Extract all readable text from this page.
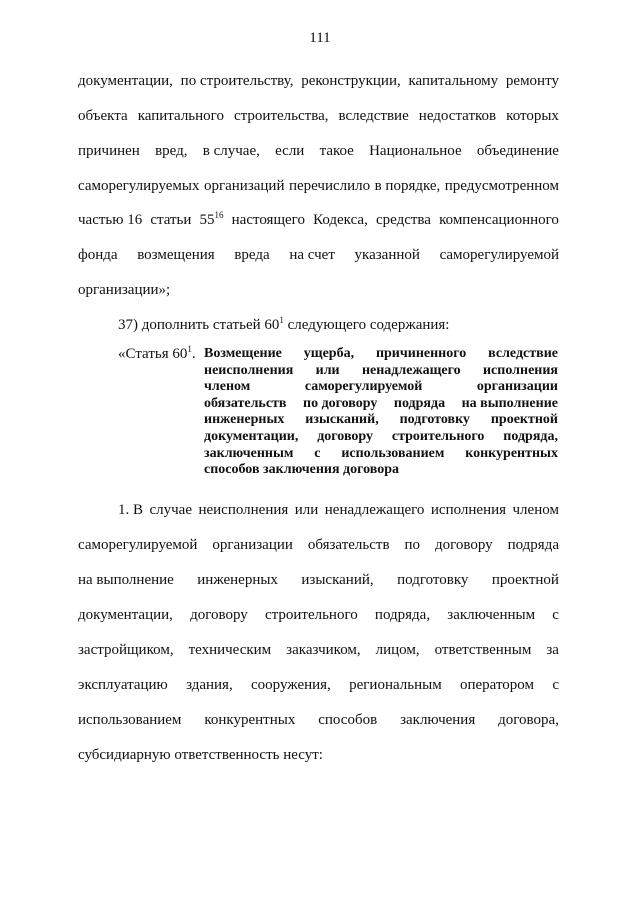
111
документации, по строительству, реконструкции, капитальному ремонту
объекта капитального строительства, вследствие недостатков которых
причинен вред, в случае, если такое Национальное объединение
саморегулируемых организаций перечислило в порядке, предусмотренном
частью 16 статьи $55^{16}$ настоящего Кодекса, средства компенсационного
фонда возмещения вреда на счет указанной саморегулируемой
организации»;
37) дополнить статьей $60^1$ следующего содержания:
«Статья $60^1$. Возмещение ущерба, причиненного вследствие
неисполнения или ненадлежащего исполнения
членом	саморегулируемой	организации
обязательств по договору подряда на выполнение
инженерных изысканий, подготовку проектной
документации, договору строительного подряда,
заключенным с использованием конкурентных
способов заключения договора
1. В случае неисполнения или ненадлежащего исполнения членом
саморегулируемой организации обязательств по договору подряда
на выполнение инженерных изысканий, подготовку проектной
документации, договору строительного подряда, заключенным с
застройщиком, техническим заказчиком, лицом, ответственным за
эксплуатацию здания, сооружения, региональным оператором с
использованием конкурентных способов заключения договора,
субсидиарную ответственность несут:
